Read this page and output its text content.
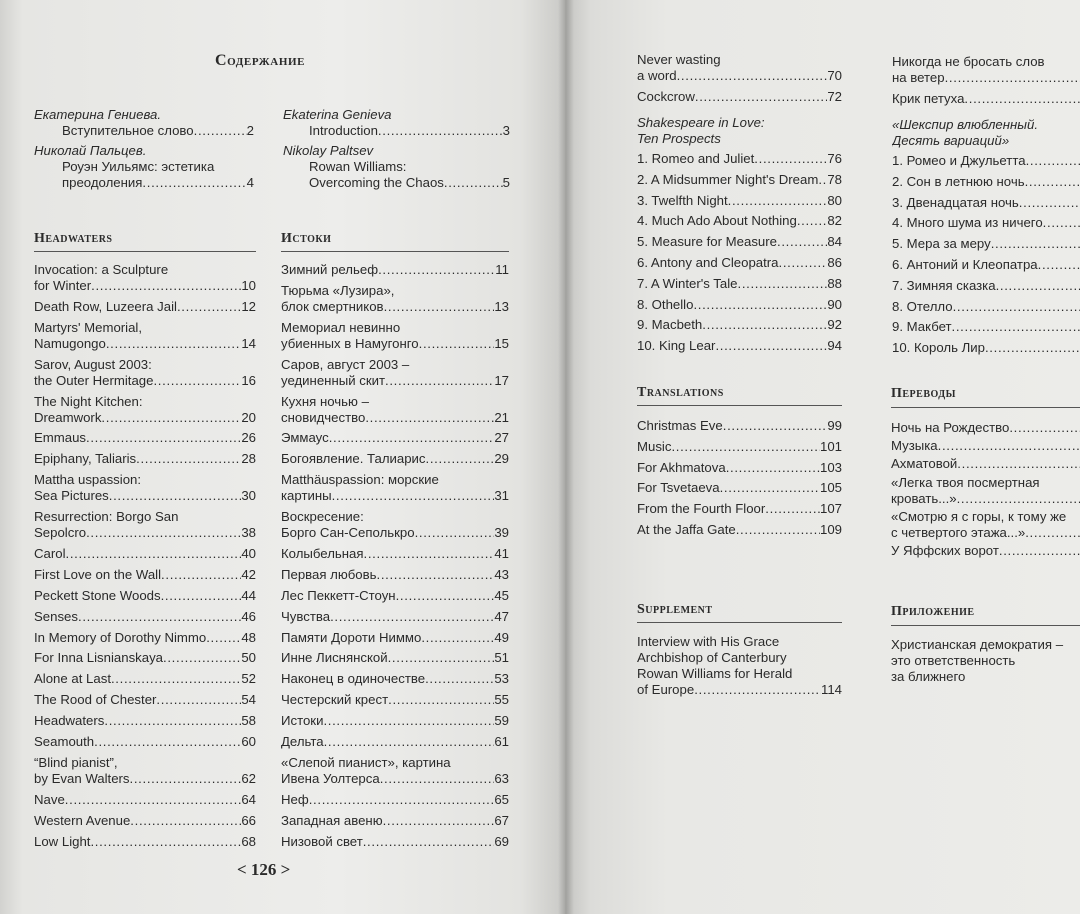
Содержание
Екатерина Гениева.
Вступительное слово . . .	2
Николай Пальцев.
Роуэн Уильямс: эстетика
преодоления . . .	4
Ekaterina Genieva
Introduction . . .	3
Nikolay Paltsev
Rowan Williams:
Overcoming the Chaos . . .	5
Headwaters	Истоки
Invocation: a Sculpture
for Winter . . .	10
Death Row, Luzeera Jail . . .	12
Martyrs' Memorial,
Namugongo . . .	14
Sarov, August 2003:
the Outer Hermitage . . .	16
The Night Kitchen:
Dreamwork . . .	20
Emmaus . . .	26
Epiphany, Taliaris . . .	28
Mattha uspassion:
Sea Pictures . . .	30
Resurrection: Borgo San
Sepolcro . . .	38
Carol . . .	40
First Love on the Wall . . .	42
Peckett Stone Woods . . .	44
Senses . . .	46
In Memory of Dorothy Nimmo . . .	48
For Inna Lisnianskaya . . .	50
Alone at Last . . .	52
The Rood of Chester . . .	54
Headwaters . . .	58
Seamouth . . .	60
“Blind pianist”,
by Evan Walters . . .	62
Nave . . .	64
Western Avenue . . .	66
Low Light . . .	68
Зимний рельеф . . .	11
Тюрьма «Лузира»,
блок смертников . . .	13
Мемориал невинно
убиенных в Намугонго . . .	15
Саров, август 2003 –
уединенный скит . . .	17
Кухня ночью –
сновидчество . . .	21
Эммаус . . .	27
Богоявление. Талиарис . . .	29
Matthäuspassion: морские
картины . . .	31
Воскресение:
Борго Сан-Сеполькро . . .	39
Колыбельная . . .	41
Первая любовь . . .	43
Лес Пеккетт-Стоун . . .	45
Чувства . . .	47
Памяти Дороти Ниммо . . .	49
Инне Лиснянской . . .	51
Наконец в одиночестве . . .	53
Честерский крест . . .	55
Истоки . . .	59
Дельта . . .	61
«Слепой пианист», картина
Ивена Уолтерса . . .	63
Неф . . .	65
Западная авеню . . .	67
Низовой свет . . .	69
< 126 >
Never wasting
a word . . .	70
Cockcrow . . .	72
Никогда не бросать слов
на ветер
. . .
Крик петуха
. . .
Shakespeare in Love:
Ten Prospects
«Шекспир влюбленный.
Десять вариаций»
1. Romeo and Juliet . . .	76
2. A Midsummer Night's Dream . . . 78
3. Twelfth Night . . .	80
4. Much Ado About Nothing . . . 82
5. Measure for Measure . . .	84
6. Antony and Cleopatra . . .	86
7. A Winter's Tale . . .	88
8. Othello . . .	90
9. Macbeth . . .	92
10. King Lear . . .	94
1. Ромео и Джульетта
. . .
2. Сон в летнюю ночь
. . .
3. Двенадцатая ночь
. . .
4. Много шума из ничего
. . .
5. Мера за меру
. . .
6. Антоний и Клеопатра
. . .
7. Зимняя сказка
. . .
8. Отелло
. . .
9. Макбет
. . .
10. Король Лир
. . .
Translations	Переводы
Christmas Eve . . .	99
Music . . .	101
For Akhmatova . . .	103
For Tsvetaeva . . .	105
From the Fourth Floor . . .	107
At the Jaffa Gate . . .	109
Ночь на Рождество
. . .
Музыка
. . .
Ахматовой
. . .
«Легка твоя посмертная
кровать...»
. . .
«Смотрю я с горы, к тому же
с четвертого этажа...»
. . .
У Яффских ворот
. . .
Supplement	Приложение
Interview with His Grace
Archbishop of Canterbury
Rowan Williams for Herald
of Europe . . .	114
Христианская демократия –
это ответственность
за ближнего
